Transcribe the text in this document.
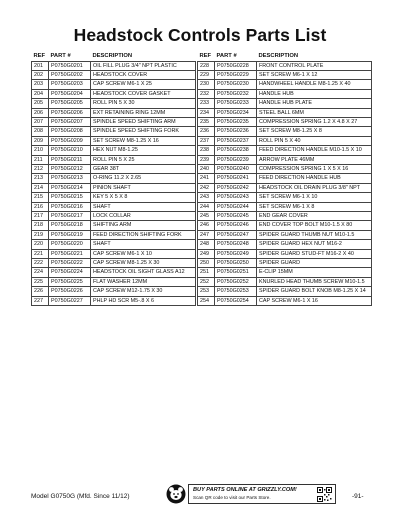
Headstock Controls Parts List
REF	PART #	DESCRIPTION
201	P0750G0201	OIL FILL PLUG 3/4" NPT PLASTIC
202	P0750G0202	HEADSTOCK COVER
203	P0750G0203	CAP SCREW M6-1 X 25
204	P0750G0204	HEADSTOCK COVER GASKET
205	P0750G0205	ROLL PIN 5 X 30
206	P0750G0206	EXT RETAINING RING 12MM
207	P0750G0207	SPINDLE SPEED SHIFTING ARM
208	P0750G0208	SPINDLE SPEED SHIFTING FORK
209	P0750G0209	SET SCREW M8-1.25 X 16
210	P0750G0210	HEX NUT M8-1.25
211	P0750G0211	ROLL PIN 5 X 25
212	P0750G0212	GEAR 38T
213	P0750G0213	O-RING 11.2 X 2.65
214	P0750G0214	PINION SHAFT
215	P0750G0215	KEY 5 X 5 X 8
216	P0750G0216	SHAFT
217	P0750G0217	LOCK COLLAR
218	P0750G0218	SHIFTING ARM
219	P0750G0219	FEED DIRECTION SHIFTING FORK
220	P0750G0220	SHAFT
221	P0750G0221	CAP SCREW M6-1 X 10
222	P0750G0222	CAP SCREW M8-1.25 X 30
224	P0750G0224	HEADSTOCK OIL SIGHT GLASS A12
225	P0750G0225	FLAT WASHER 12MM
226	P0750G0226	CAP SCREW M12-1.75 X 30
227	P0750G0227	PHLP HD SCR M5-.8 X 6
REF	PART #	DESCRIPTION
228	P0750G0228	FRONT CONTROL PLATE
229	P0750G0229	SET SCREW M6-1 X 12
230	P0750G0230	HANDWHEEL HANDLE M8-1.25 X 40
232	P0750G0232	HANDLE HUB
233	P0750G0233	HANDLE HUB PLATE
234	P0750G0234	STEEL BALL 6MM
235	P0750G0235	COMPRESSION SPRING 1.2 X 4.8 X 27
236	P0750G0236	SET SCREW M8-1.25 X 8
237	P0750G0237	ROLL PIN 5 X 40
238	P0750G0238	FEED DIRECTION HANDLE M10-1.5 X 10
239	P0750G0239	ARROW PLATE 46MM
240	P0750G0240	COMPRESSION SPRING 1 X 5 X 16
241	P0750G0241	FEED DIRECTION HANDLE HUB
242	P0750G0242	HEADSTOCK OIL DRAIN PLUG 3/8" NPT
243	P0750G0243	SET SCREW M6-1 X 10
244	P0750G0244	SET SCREW M6-1 X 8
245	P0750G0245	END GEAR COVER
246	P0750G0246	END COVER TOP BOLT M10-1.5 X 80
247	P0750G0247	SPIDER GUARD THUMB NUT M10-1.5
248	P0750G0248	SPIDER GUARD HEX NUT M16-2
249	P0750G0249	SPIDER GUARD STUD-FT M16-2 X 40
250	P0750G0250	SPIDER GUARD
251	P0750G0251	E-CLIP 15MM
252	P0750G0252	KNURLED HEAD THUMB SCREW M10-1.5
253	P0750G0253	SPIDER GUARD BOLT KNOB M8-1.25 X 14
254	P0750G0254	CAP SCREW M6-1 X 16
Model G0750G (Mfd. Since 11/12)
BUY PARTS ONLINE AT GRIZZLY.COM!
Scan QR code to visit our Parts Store.	-91-
